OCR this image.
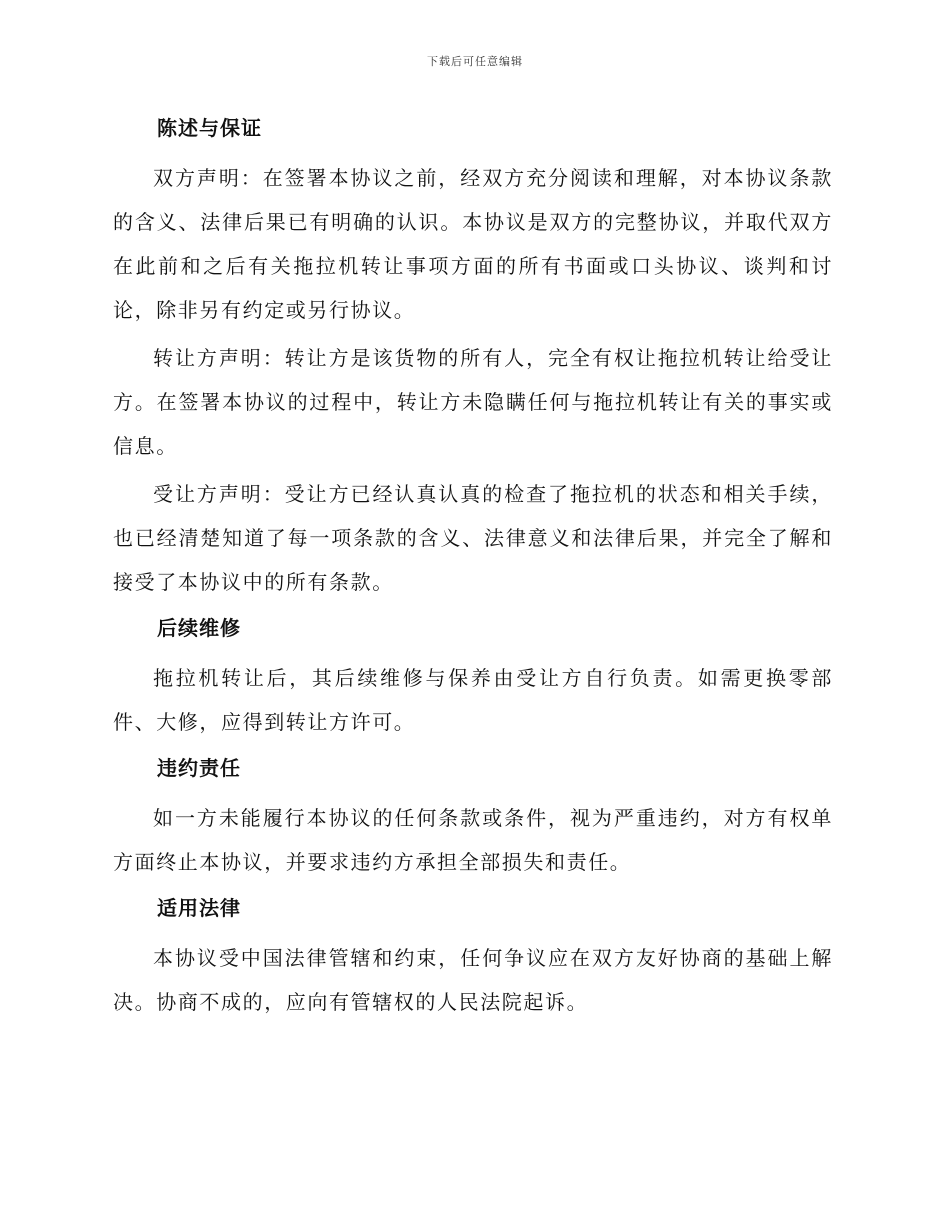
下载后可任意编辑
陈述与保证

双方声明：在签署本协议之前，经双方充分阅读和理解，对本协议条款的含义、法律后果已有明确的认识。本协议是双方的完整协议，并取代双方在此前和之后有关拖拉机转让事项方面的所有书面或口头协议、谈判和讨论，除非另有约定或另行协议。

转让方声明：转让方是该货物的所有人，完全有权让拖拉机转让给受让方。在签署本协议的过程中，转让方未隐瞒任何与拖拉机转让有关的事实或信息。

受让方声明：受让方已经认真认真的检查了拖拉机的状态和相关手续，也已经清楚知道了每一项条款的含义、法律意义和法律后果，并完全了解和接受了本协议中的所有条款。

后续维修

拖拉机转让后，其后续维修与保养由受让方自行负责。如需更换零部件、大修，应得到转让方许可。

违约责任

如一方未能履行本协议的任何条款或条件，视为严重违约，对方有权单方面终止本协议，并要求违约方承担全部损失和责任。

适用法律

本协议受中国法律管辖和约束，任何争议应在双方友好协商的基础上解决。协商不成的，应向有管辖权的人民法院起诉。
